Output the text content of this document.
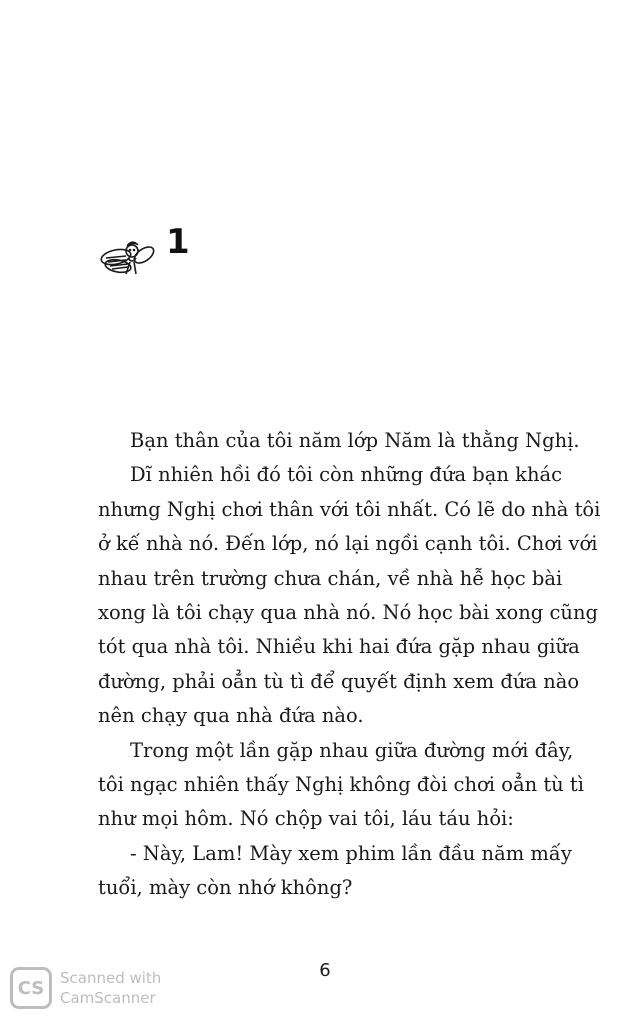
1

Bạn thân của tôi năm lớp Năm là thằng Nghị.

Dĩ nhiên hồi đó tôi còn những đứa bạn khác

nhưng Nghị chơi thân với tôi nhất. Có lẽ do nhà tôi

ở kế nhà nó. Đến lớp, nó lại ngồi cạnh tôi. Chơi với

nhau trên trường chưa chán, về nhà hễ học bài

xong là tôi chạy qua nhà nó. Nó học bài xong cũng

tót qua nhà tôi. Nhiều khi hai đứa gặp nhau giữa

đường, phải oẳn tù tì để quyết định xem đứa nào

nên chạy qua nhà đứa nào.

Trong một lần gặp nhau giữa đường mới đây,

tôi ngạc nhiên thấy Nghị không đòi chơi oẳn tù tì

như mọi hôm. Nó chộp vai tôi, láu táu hỏi:

- Này, Lam! Mày xem phim lần đầu năm mấy

tuổi, mày còn nhớ không?

6
CS	Scanned with
CamScanner
